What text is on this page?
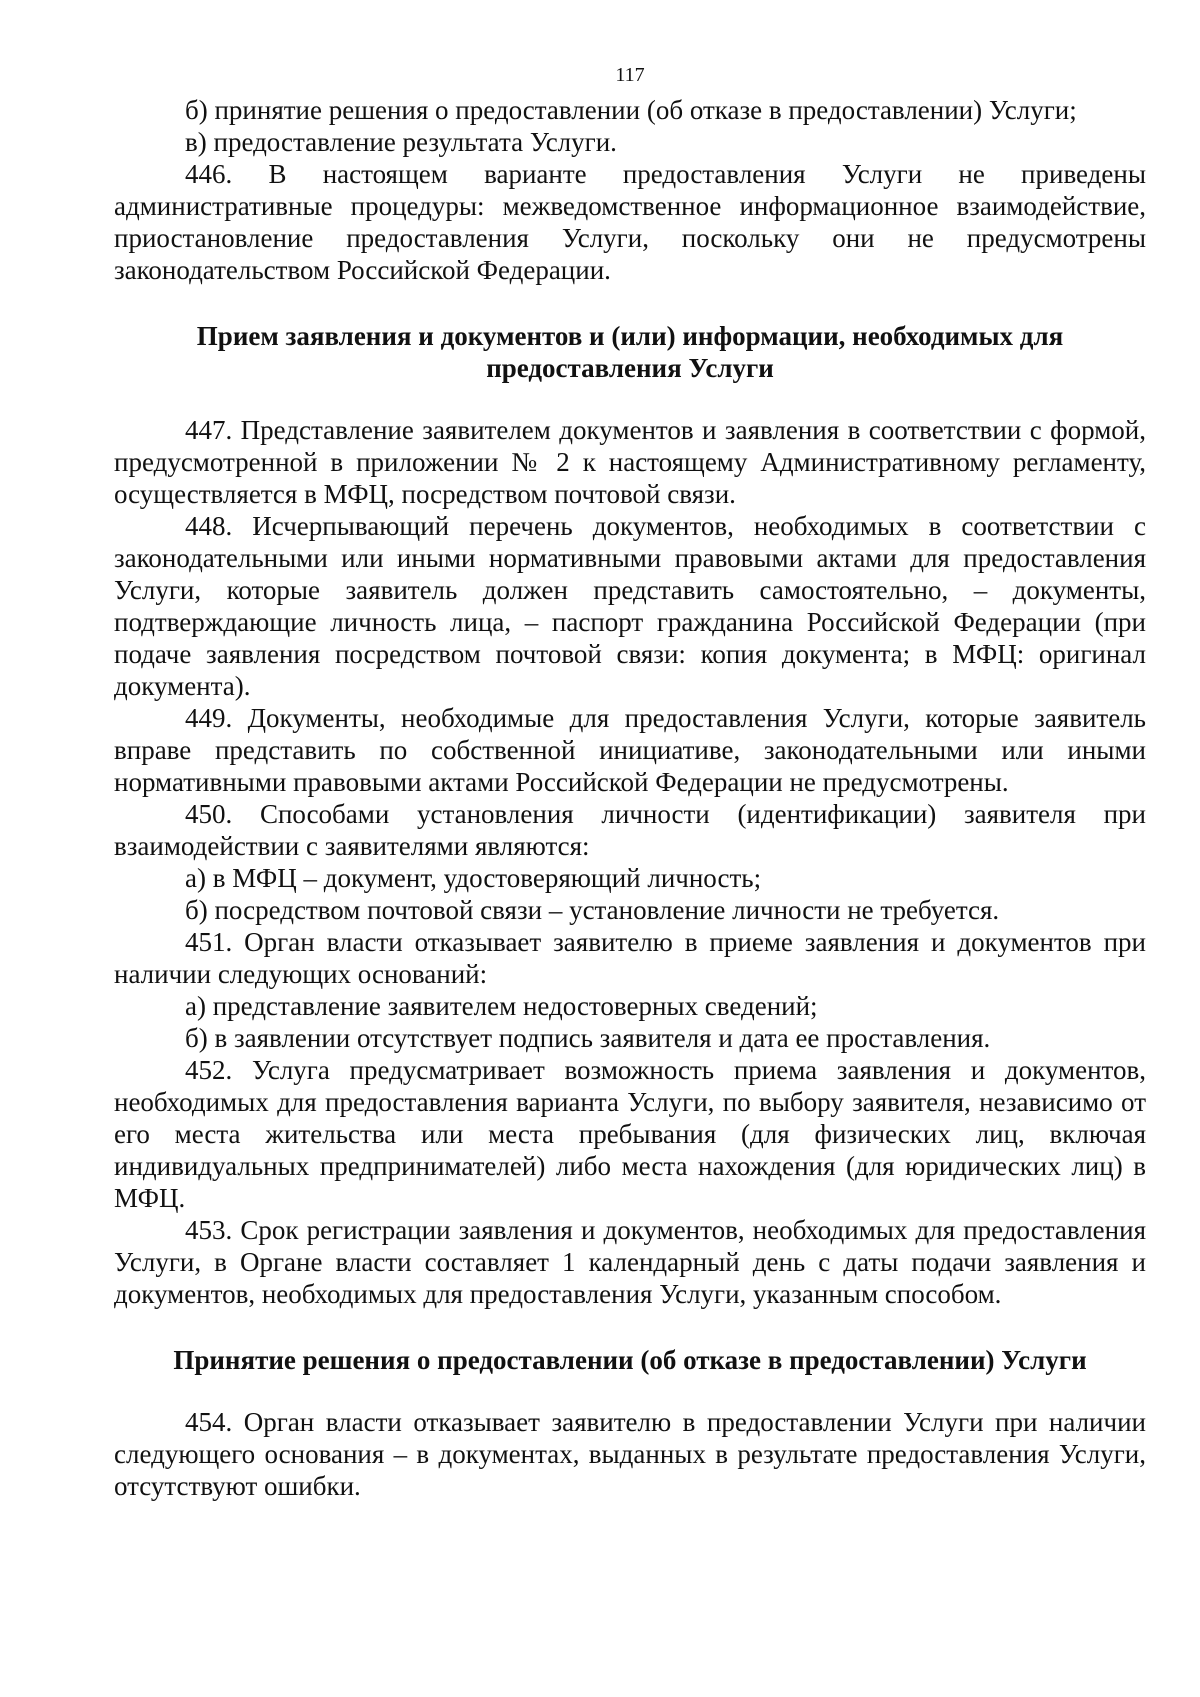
117

б) принятие решения о предоставлении (об отказе в предоставлении) Услуги;

в) предоставление результата Услуги.

446. В настоящем варианте предоставления Услуги не приведены административные процедуры: межведомственное информационное взаимодействие, приостановление предоставления Услуги, поскольку они не предусмотрены законодательством Российской Федерации.

Прием заявления и документов и (или) информации, необходимых для предоставления Услуги

447. Представление заявителем документов и заявления в соответствии с формой, предусмотренной в приложении № 2 к настоящему Административному регламенту, осуществляется в МФЦ, посредством почтовой связи.

448. Исчерпывающий перечень документов, необходимых в соответствии с законодательными или иными нормативными правовыми актами для предоставления Услуги, которые заявитель должен представить самостоятельно, – документы, подтверждающие личность лица, – паспорт гражданина Российской Федерации (при подаче заявления посредством почтовой связи: копия документа; в МФЦ: оригинал документа).

449. Документы, необходимые для предоставления Услуги, которые заявитель вправе представить по собственной инициативе, законодательными или иными нормативными правовыми актами Российской Федерации не предусмотрены.

450. Способами установления личности (идентификации) заявителя при взаимодействии с заявителями являются:

а) в МФЦ – документ, удостоверяющий личность;

б) посредством почтовой связи – установление личности не требуется.

451. Орган власти отказывает заявителю в приеме заявления и документов при наличии следующих оснований:

а) представление заявителем недостоверных сведений;

б) в заявлении отсутствует подпись заявителя и дата ее проставления.

452. Услуга предусматривает возможность приема заявления и документов, необходимых для предоставления варианта Услуги, по выбору заявителя, независимо от его места жительства или места пребывания (для физических лиц, включая индивидуальных предпринимателей) либо места нахождения (для юридических лиц) в МФЦ.

453. Срок регистрации заявления и документов, необходимых для предоставления Услуги, в Органе власти составляет 1 календарный день с даты подачи заявления и документов, необходимых для предоставления Услуги, указанным способом.

Принятие решения о предоставлении (об отказе в предоставлении) Услуги

454. Орган власти отказывает заявителю в предоставлении Услуги при наличии следующего основания – в документах, выданных в результате предоставления Услуги, отсутствуют ошибки.
